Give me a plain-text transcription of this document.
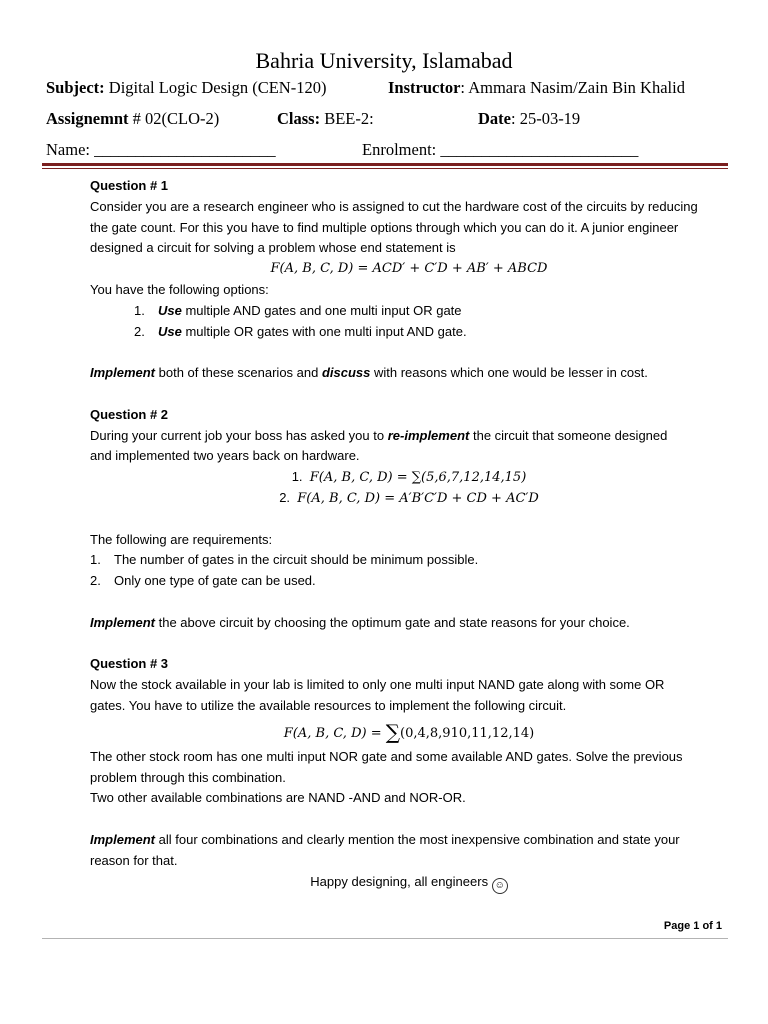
Bahria University, Islamabad
Subject: Digital Logic Design (CEN-120)	Instructor: Ammara Nasim/Zain Bin Khalid
Assignemnt # 02(CLO-2)	Class: BEE-2:	Date: 25-03-19
Name: ______________________	Enrolment: ________________________
Question # 1
Consider you are a research engineer who is assigned to cut the hardware cost of the circuits by reducing
the gate count. For this you have to find multiple options through which you can do it. A junior engineer
designed a circuit for solving a problem whose end statement is
F(A, B, C, D) = ACD′ + C′D + AB′ + ABCD
You have the following options:
1. Use multiple AND gates and one multi input OR gate
2. Use multiple OR gates with one multi input AND gate.
Implement both of these scenarios and discuss with reasons which one would be lesser in cost.
Question # 2
During your current job your boss has asked you to re-implement the circuit that someone designed
and implemented two years back on hardware.
1. F(A, B, C, D) = ∑(5,6,7,12,14,15)
2. F(A, B, C, D) = A′B′C′D + CD + AC′D
The following are requirements:
1. The number of gates in the circuit should be minimum possible.
2. Only one type of gate can be used.
Implement the above circuit by choosing the optimum gate and state reasons for your choice.
Question # 3
Now the stock available in your lab is limited to only one multi input NAND gate along with some OR
gates. You have to utilize the available resources to implement the following circuit.
F(A, B, C, D) = ∑(0,4,8,910,11,12,14)
The other stock room has one multi input NOR gate and some available AND gates. Solve the previous
problem through this combination.
Two other available combinations are NAND -AND and NOR-OR.
Implement all four combinations and clearly mention the most inexpensive combination and state your
reason for that.
Happy designing, all engineers ☺
Page 1 of 1
